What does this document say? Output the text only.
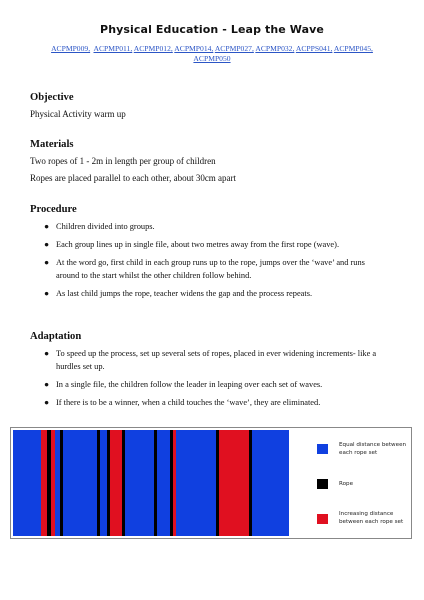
Physical Education - Leap the Wave
ACPMP009, ACPMP011, ACPMP012, ACPMP014, ACPMP027, ACPMP032, ACPPS041, ACPMP045, ACPMP050
Objective
Physical Activity warm up
Materials
Two ropes of 1 - 2m in length per group of children
Ropes are placed parallel to each other, about 30cm apart
Procedure
● Children divided into groups.
● Each group lines up in single file, about two metres away from the first rope (wave).
● At the word go, first child in each group runs up to the rope, jumps over the ‘wave’ and runs around to the start whilst the other children follow behind.
● As last child jumps the rope, teacher widens the gap and the process repeats.
Adaptation
● To speed up the process, set up several sets of ropes, placed in ever widening increments- like a hurdles set up.
● In a single file, the children follow the leader in leaping over each set of waves.
● If there is to be a winner, when a child touches the ‘wave’, they are eliminated.
Equal distance between each rope set
Rope
Increasing distance between each rope set
